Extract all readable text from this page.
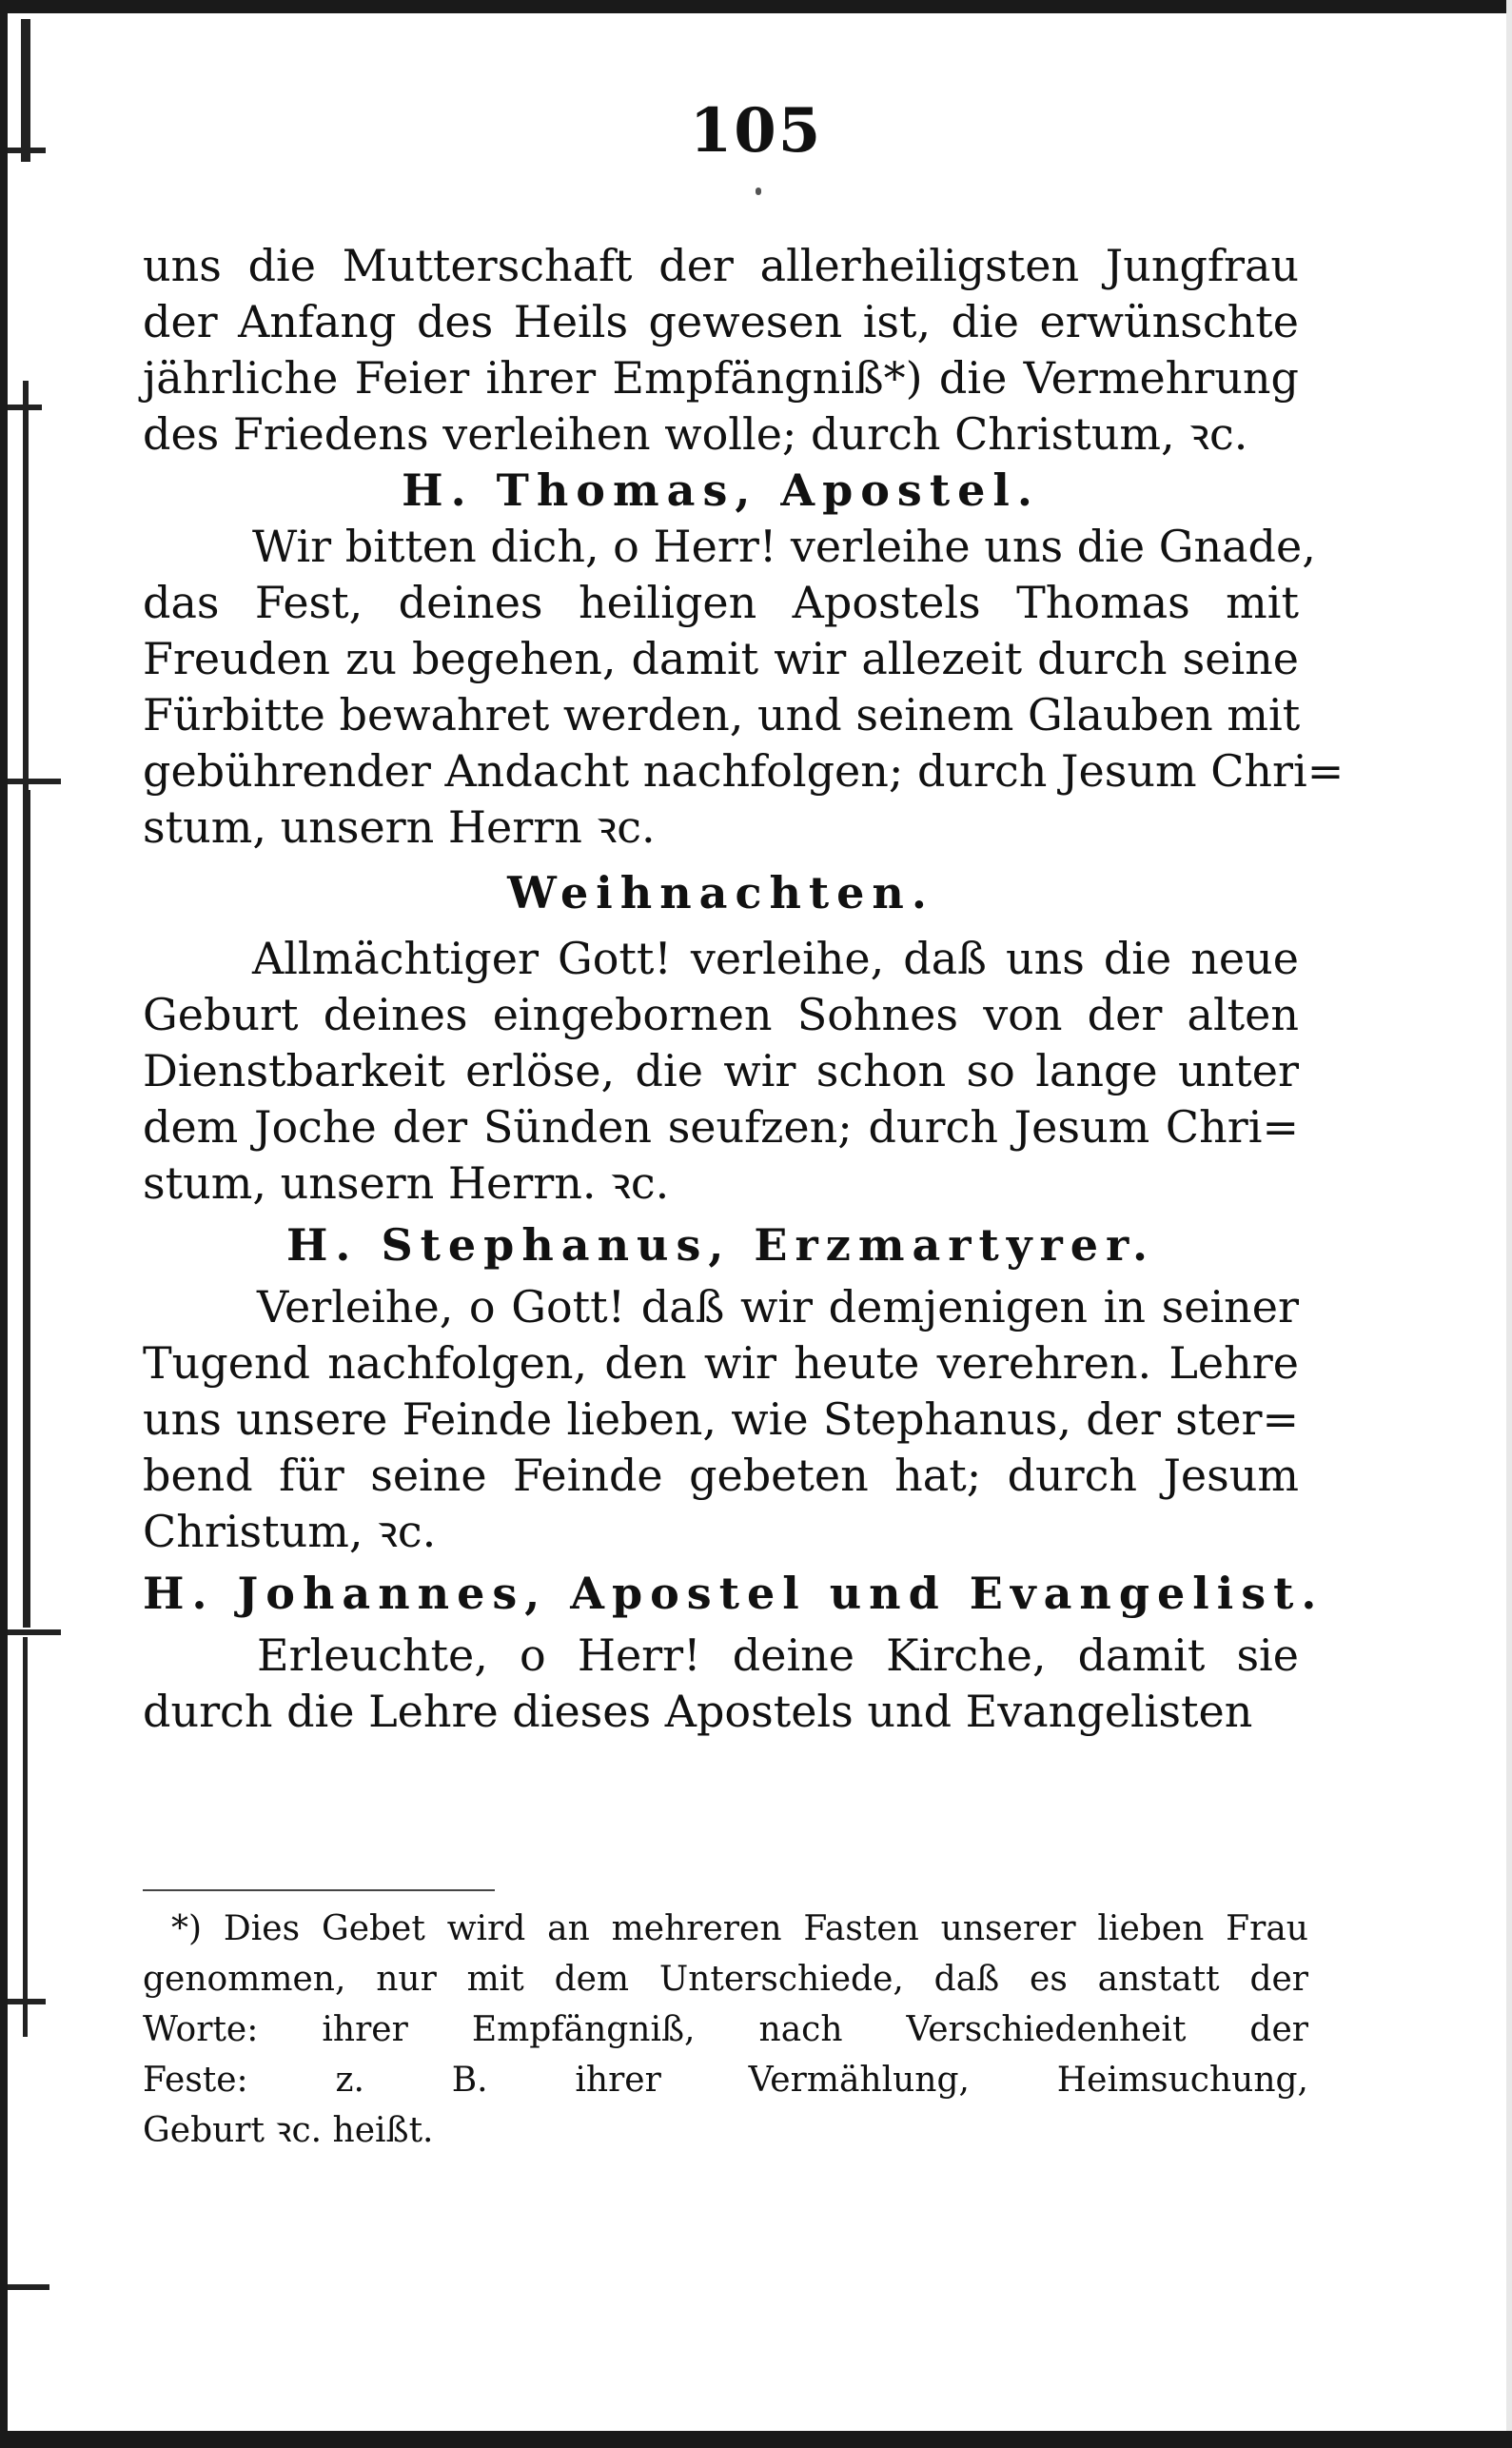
105
uns die Mutterschaft der allerheiligsten Jungfrau
der Anfang des Heils gewesen ist, die erwünschte
jährliche Feier ihrer Empfängniß*) die Vermehrung
des Friedens verleihen wolle; durch Christum, ꝛc.
H. Thomas, Apostel.
Wir bitten dich, o Herr! verleihe uns die Gnade,
das Fest, deines heiligen Apostels Thomas mit
Freuden zu begehen, damit wir allezeit durch seine
Fürbitte bewahret werden, und seinem Glauben mit
gebührender Andacht nachfolgen; durch Jesum Chri=
stum, unsern Herrn ꝛc.
Weihnachten.
Allmächtiger Gott! verleihe, daß uns die neue
Geburt deines eingebornen Sohnes von der alten
Dienstbarkeit erlöse, die wir schon so lange unter
dem Joche der Sünden seufzen; durch Jesum Chri=
stum, unsern Herrn. ꝛc.
H. Stephanus, Erzmartyrer.
Verleihe, o Gott! daß wir demjenigen in seiner
Tugend nachfolgen, den wir heute verehren. Lehre
uns unsere Feinde lieben, wie Stephanus, der ster=
bend für seine Feinde gebeten hat; durch Jesum
Christum, ꝛc.
H. Johannes, Apostel und Evangelist.
Erleuchte, o Herr! deine Kirche, damit sie
durch die Lehre dieses Apostels und Evangelisten
*) Dies Gebet wird an mehreren Fasten unserer lieben Frau
genommen, nur mit dem Unterschiede, daß es anstatt der
Worte: ihrer Empfängniß, nach Verschiedenheit der
Feste: z. B. ihrer Vermählung, Heimsuchung,
Geburt ꝛc. heißt.
